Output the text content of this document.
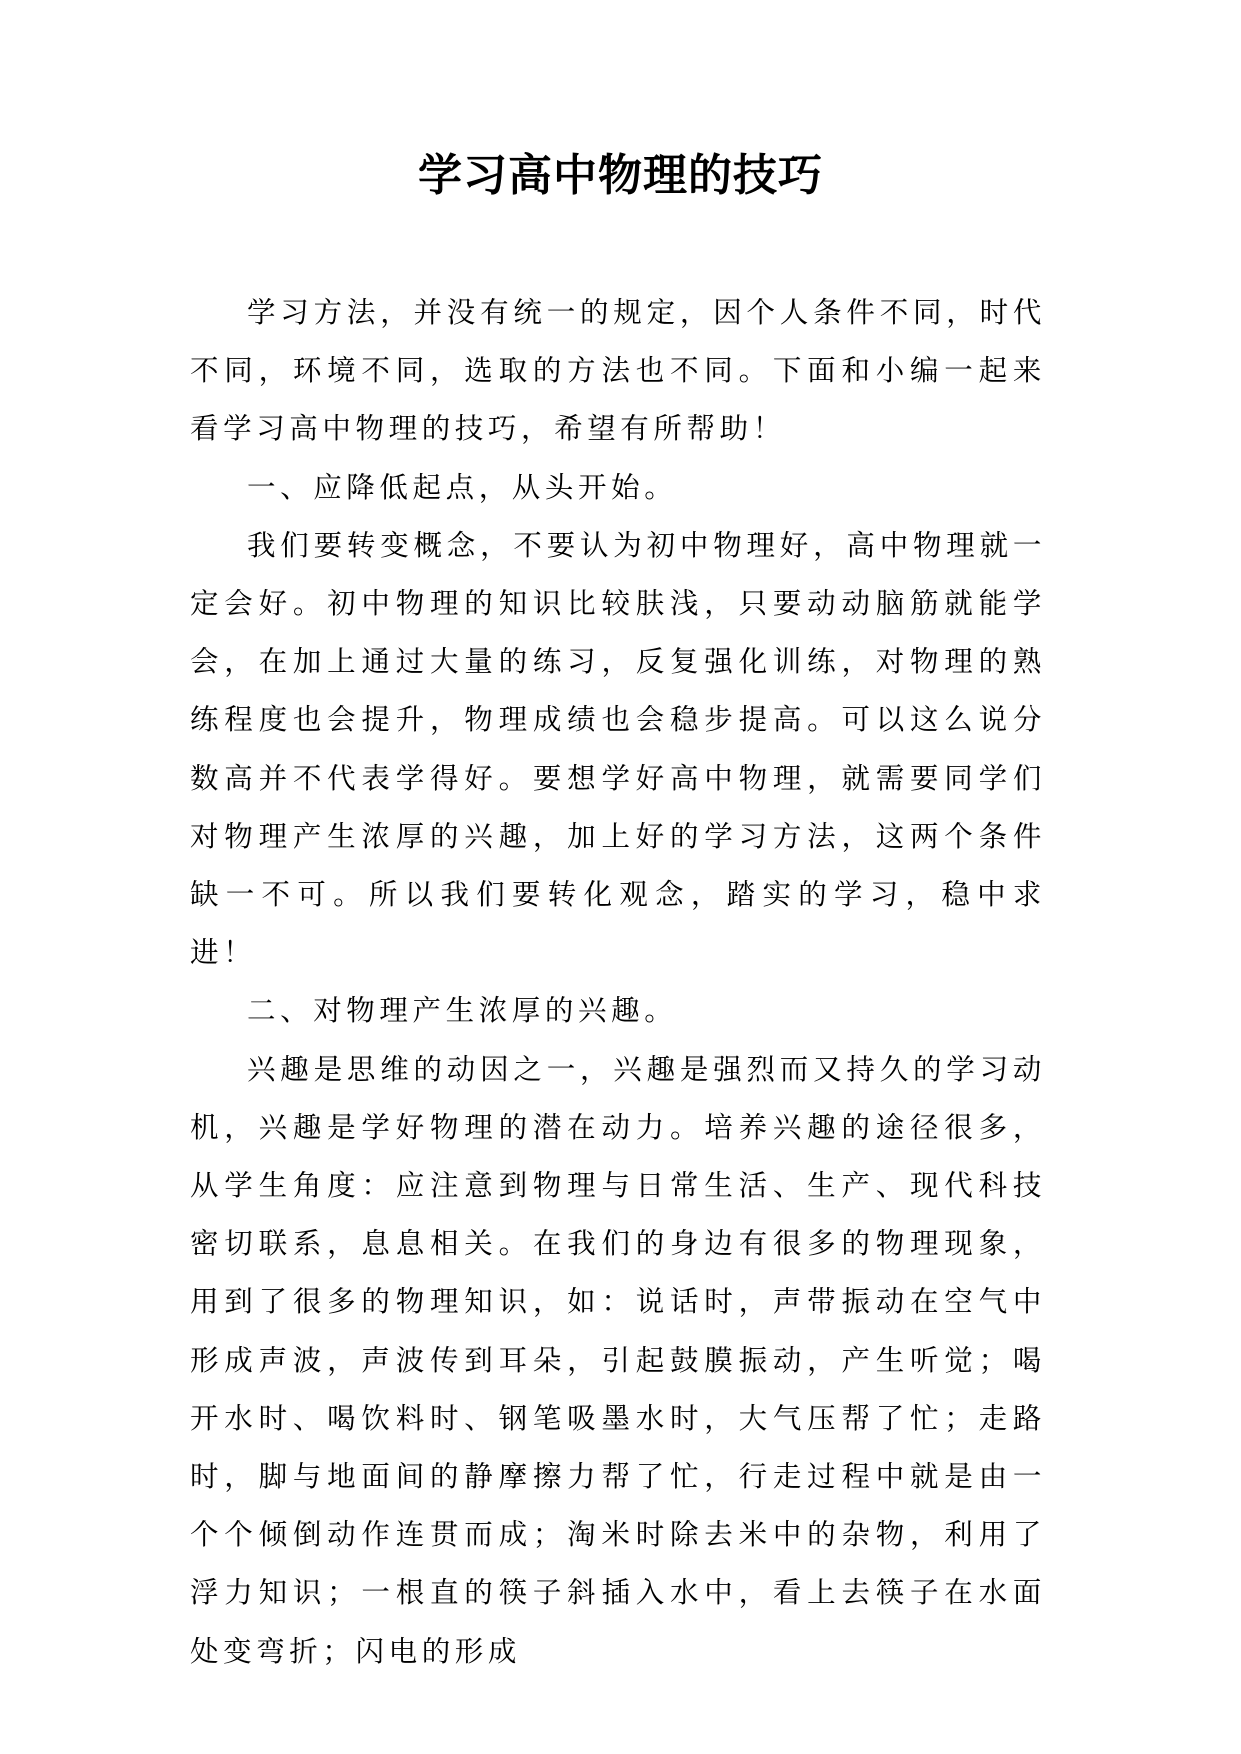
学习高中物理的技巧

学习方法，并没有统一的规定，因个人条件不同，时代不同，环境不同，选取的方法也不同。下面和小编一起来看学习高中物理的技巧，希望有所帮助！

一、应降低起点，从头开始。

我们要转变概念，不要认为初中物理好，高中物理就一定会好。初中物理的知识比较肤浅，只要动动脑筋就能学会，在加上通过大量的练习，反复强化训练，对物理的熟练程度也会提升，物理成绩也会稳步提高。可以这么说分数高并不代表学得好。要想学好高中物理，就需要同学们对物理产生浓厚的兴趣，加上好的学习方法，这两个条件缺一不可。所以我们要转化观念，踏实的学习，稳中求进！

二、对物理产生浓厚的兴趣。

兴趣是思维的动因之一，兴趣是强烈而又持久的学习动机，兴趣是学好物理的潜在动力。培养兴趣的途径很多，从学生角度：应注意到物理与日常生活、生产、现代科技密切联系，息息相关。在我们的身边有很多的物理现象，用到了很多的物理知识，如：说话时，声带振动在空气中形成声波，声波传到耳朵，引起鼓膜振动，产生听觉；喝开水时、喝饮料时、钢笔吸墨水时，大气压帮了忙；走路时，脚与地面间的静摩擦力帮了忙，行走过程中就是由一个个倾倒动作连贯而成；淘米时除去米中的杂物，利用了浮力知识；一根直的筷子斜插入水中，看上去筷子在水面处变弯折；闪电的形成
